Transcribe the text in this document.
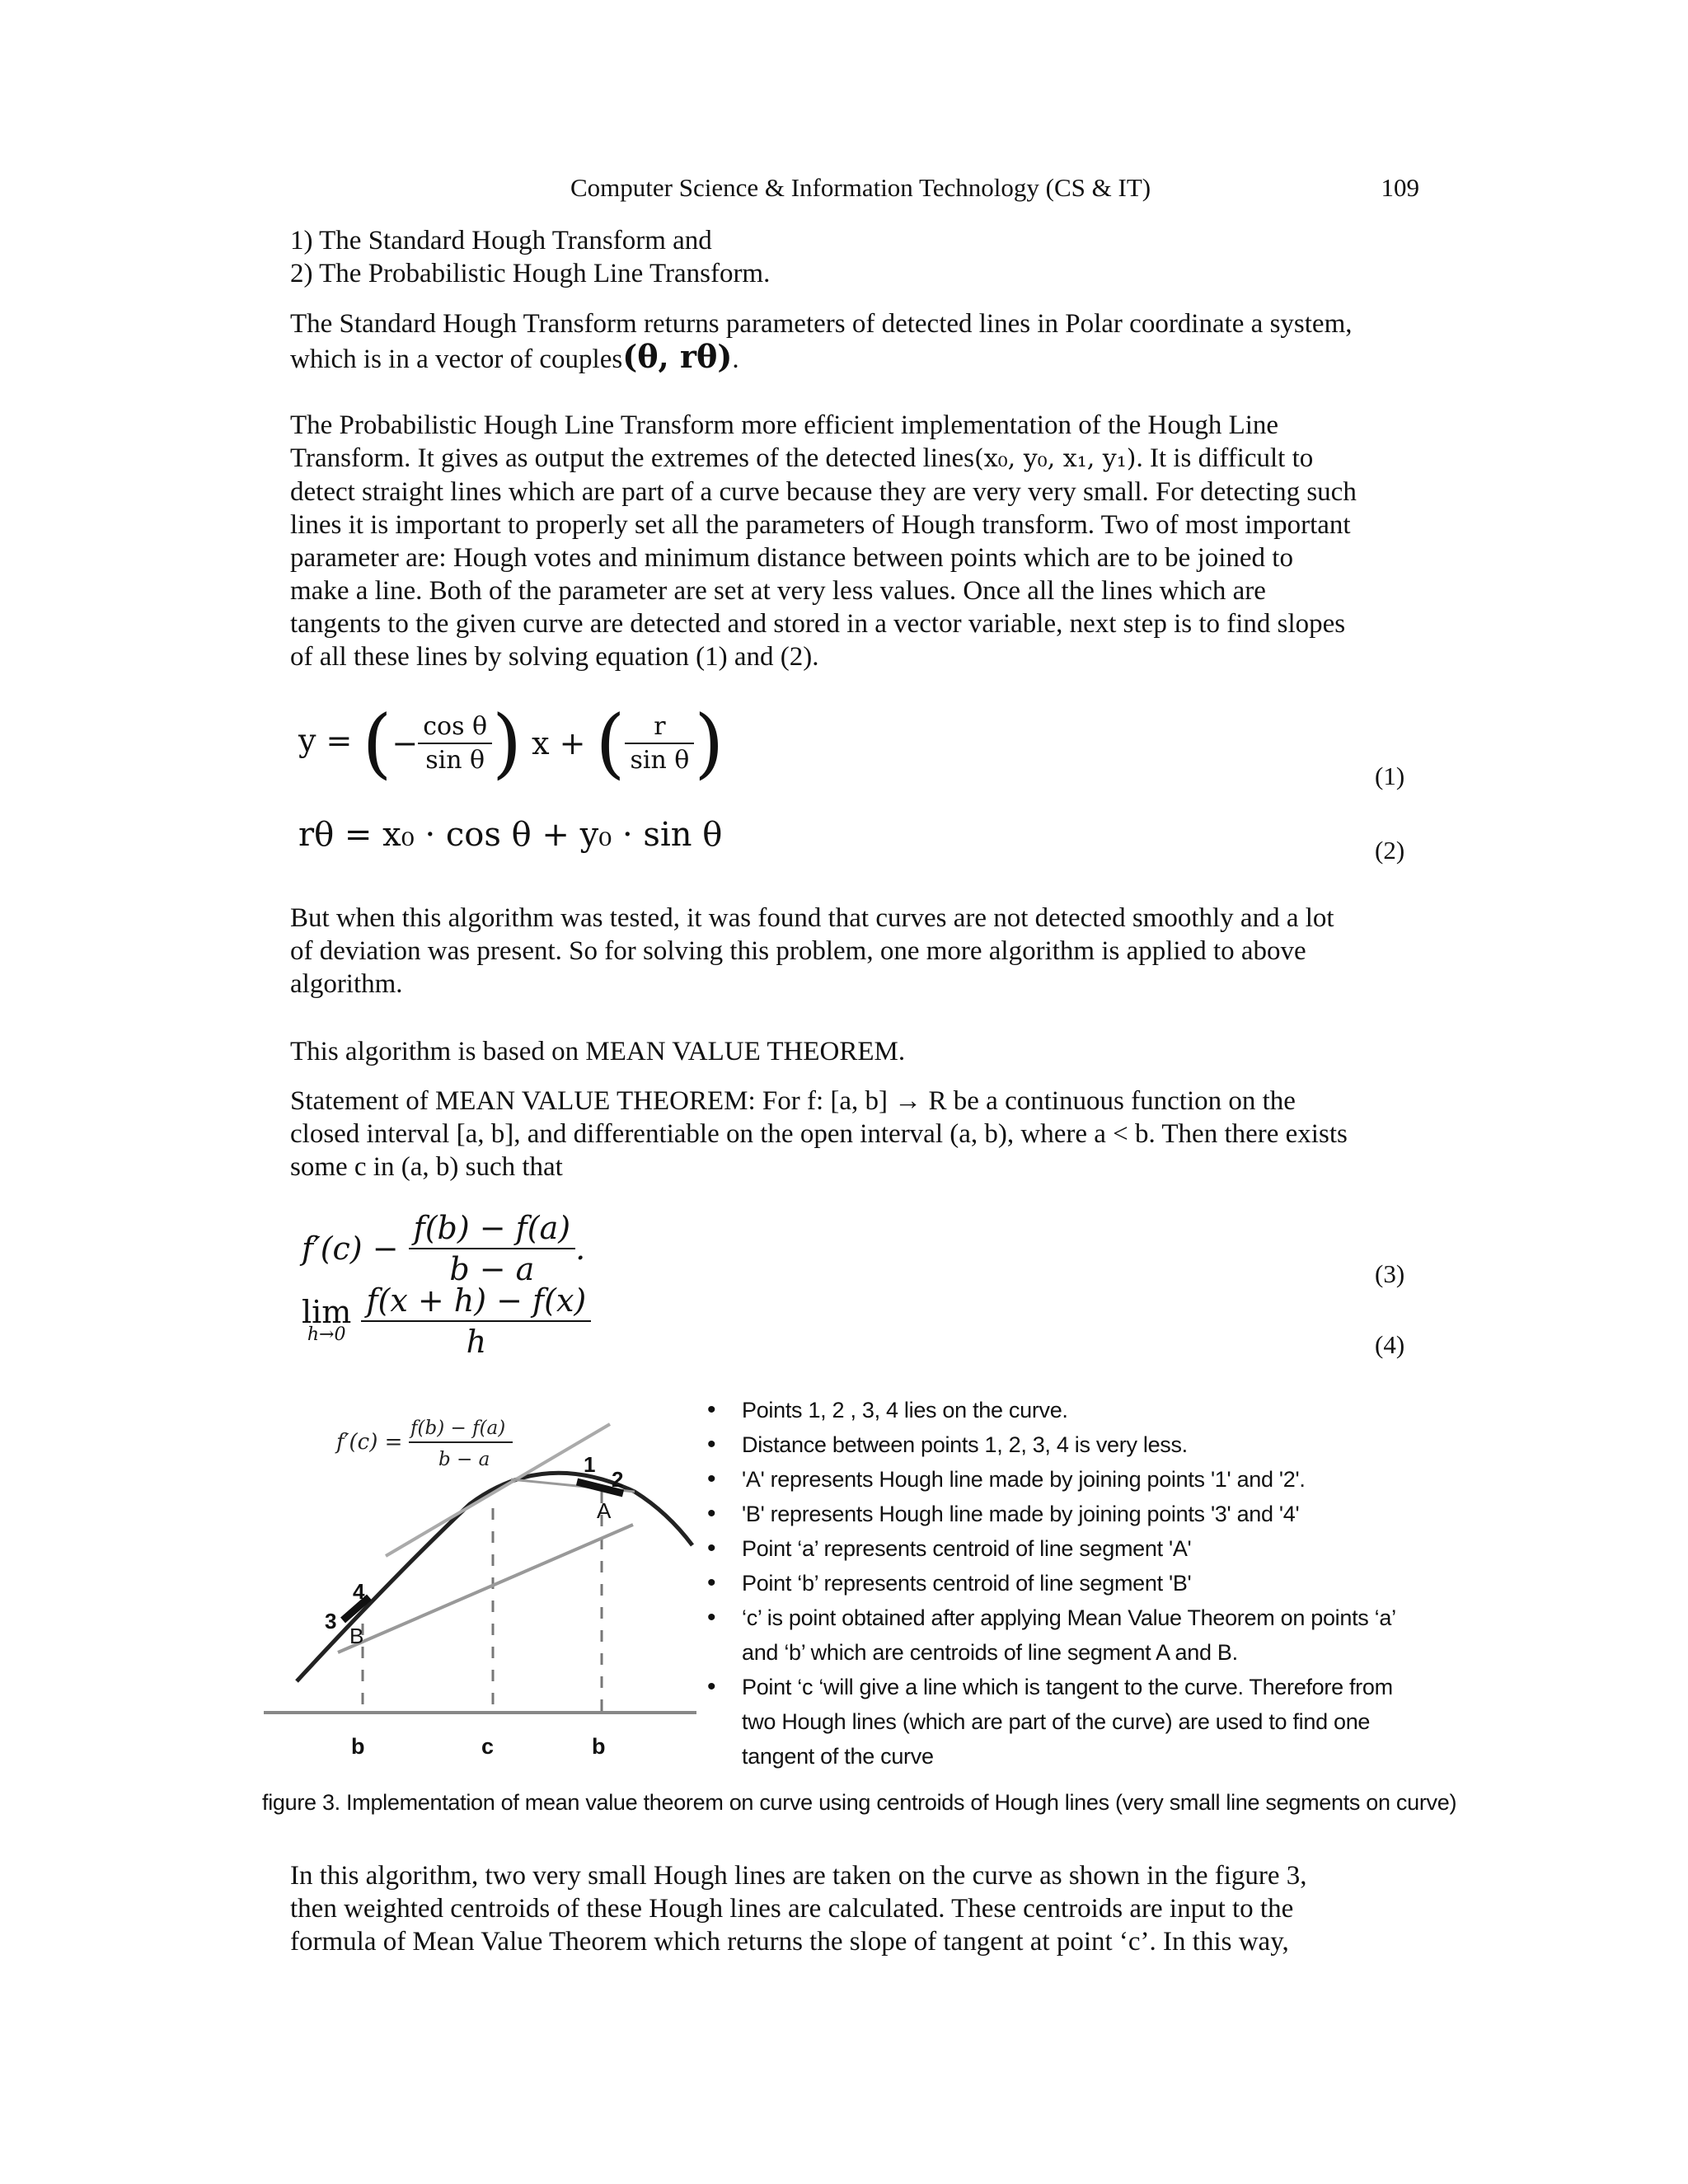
Computer Science & Information Technology (CS & IT)	109
1) The Standard Hough Transform and
2) The Probabilistic Hough Line Transform.
The Standard Hough Transform returns parameters of detected lines in Polar coordinate a system,
which is in a vector of couples(θ, rθ).
The Probabilistic Hough Line Transform more efficient implementation of the Hough Line
Transform. It gives as output the extremes of the detected lines(x₀, y₀, x₁, y₁). It is difficult to
detect straight lines which are part of a curve because they are very very small. For detecting such
lines it is important to properly set all the parameters of Hough transform. Two of most important
parameter are: Hough votes and minimum distance between points which are to be joined to
make a line. Both of the parameter are set at very less values. Once all the lines which are
tangents to the given curve are detected and stored in a vector variable, next step is to find slopes
of all these lines by solving equation (1) and (2).
y = (− $\frac{\text{cos θ}}{\text{sin θ}}$ ) x + ( $\frac{r}{\text{sin θ}}$ )	(1)
rθ = x₀ · cos θ + y₀ · sin θ	(2)
But when this algorithm was tested, it was found that curves are not detected smoothly and a lot
of deviation was present. So for solving this problem, one more algorithm is applied to above
algorithm.
This algorithm is based on MEAN VALUE THEOREM.
Statement of MEAN VALUE THEOREM: For f: [a, b] → R be a continuous function on the
closed interval [a, b], and differentiable on the open interval (a, b), where a < b. Then there exists
some c in (a, b) such that
$f'(c) - \frac{f(b) - f(a)}{b - a}$ .
(3)
lim
h→0
$\frac{f(x + h) - f(x)}{h}$	(4)
f′(c) =
f(b) − f(a)
b − a	1
2
3
4
A
B
b	c	b
• Points 1, 2 , 3, 4 lies on the curve.
• Distance between points 1, 2, 3, 4 is very less.
• 'A' represents Hough line made by joining points '1' and '2'.
• 'B' represents Hough line made by joining points '3' and '4'
• Point ‘a’ represents centroid of line segment 'A'
• Point ‘b’ represents centroid of line segment 'B'
• ‘c’ is point obtained after applying Mean Value Theorem on points ‘a’ and ‘b’ which are centroids of line segment A and B.
• Point ‘c ‘will give a line which is tangent to the curve. Therefore from two Hough lines (which are part of the curve) are used to find one tangent of the curve
figure 3. Implementation of mean value theorem on curve using centroids of Hough lines (very small line segments on curve)
In this algorithm, two very small Hough lines are taken on the curve as shown in the figure 3,
then weighted centroids of these Hough lines are calculated. These centroids are input to the
formula of Mean Value Theorem which returns the slope of tangent at point ‘c’. In this way,
